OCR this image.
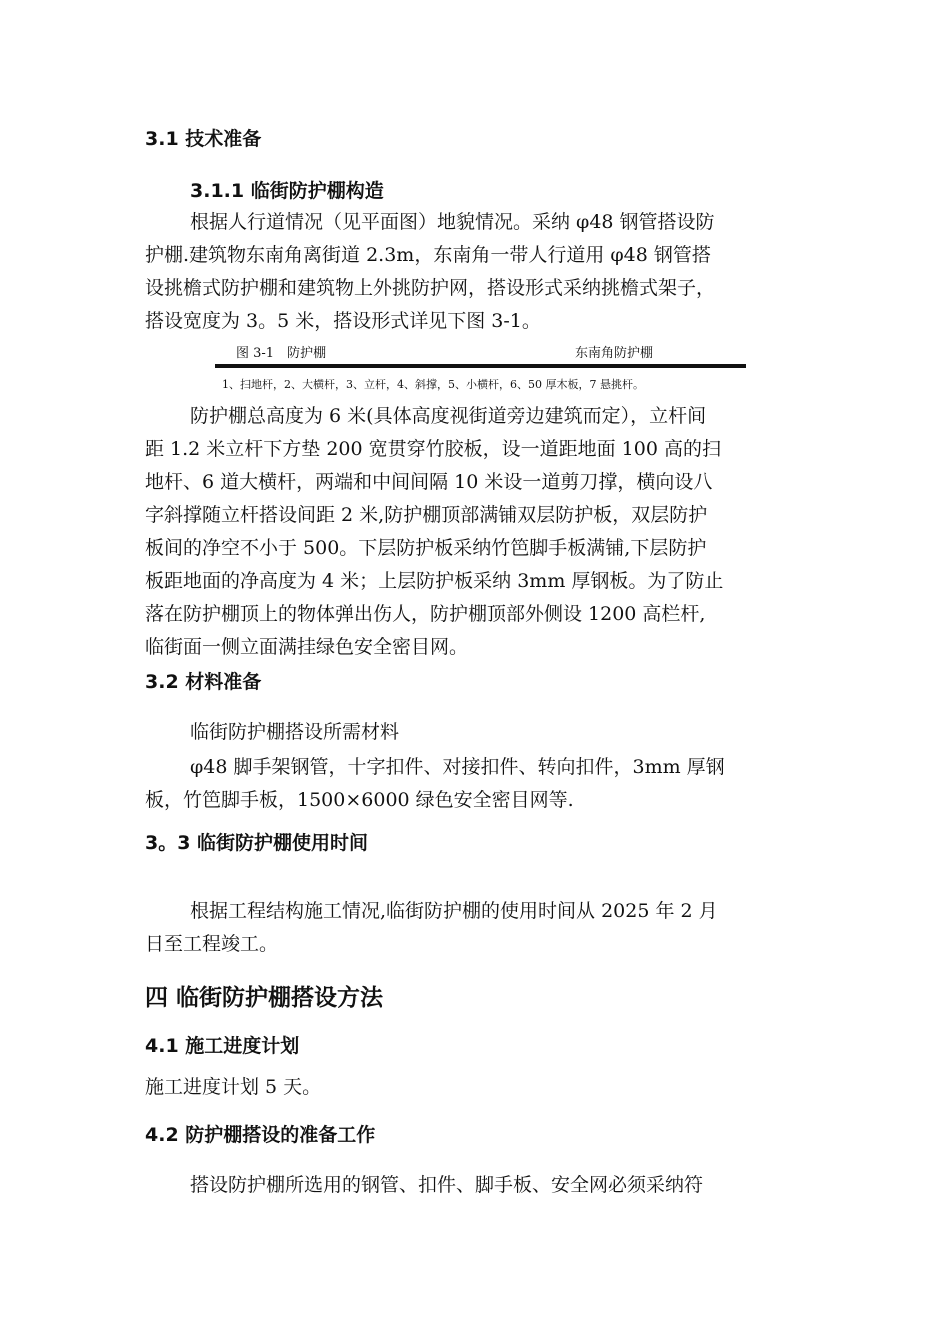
3.1 技术准备
3.1.1 临街防护棚构造
根据人行道情况（见平面图）地貌情况。采纳 φ48 钢管搭设防
护棚.建筑物东南角离街道 2.3m，东南角一带人行道用 φ48 钢管搭
设挑檐式防护棚和建筑物上外挑防护网，搭设形式采纳挑檐式架子，
搭设宽度为 3。5 米，搭设形式详见下图 3-1。
图 3-1　防护棚	东南角防护棚
1、扫地杆，2、大横杆，3、立杆，4、斜撑，5、小横杆，6、50 厚木板，7 悬挑杆。
防护棚总高度为 6 米(具体高度视街道旁边建筑而定），立杆间
距 1.2 米立杆下方垫 200 宽贯穿竹胶板，设一道距地面 100 高的扫
地杆、6 道大横杆，两端和中间间隔 10 米设一道剪刀撑，横向设八
字斜撑随立杆搭设间距 2 米,防护棚顶部满铺双层防护板，双层防护
板间的净空不小于 500。下层防护板采纳竹笆脚手板满铺,下层防护
板距地面的净高度为 4 米；上层防护板采纳 3mm 厚钢板。为了防止
落在防护棚顶上的物体弹出伤人，防护棚顶部外侧设 1200 高栏杆,
临街面一侧立面满挂绿色安全密目网。
3.2 材料准备
临街防护棚搭设所需材料
φ48 脚手架钢管，十字扣件、对接扣件、转向扣件，3mm 厚钢
板，竹笆脚手板，1500×6000 绿色安全密目网等.
3。3 临街防护棚使用时间
根据工程结构施工情况,临街防护棚的使用时间从 2025 年 2 月
日至工程竣工。
四 临街防护棚搭设方法
4.1 施工进度计划
施工进度计划 5 天。
4.2 防护棚搭设的准备工作
搭设防护棚所选用的钢管、扣件、脚手板、安全网必须采纳符
